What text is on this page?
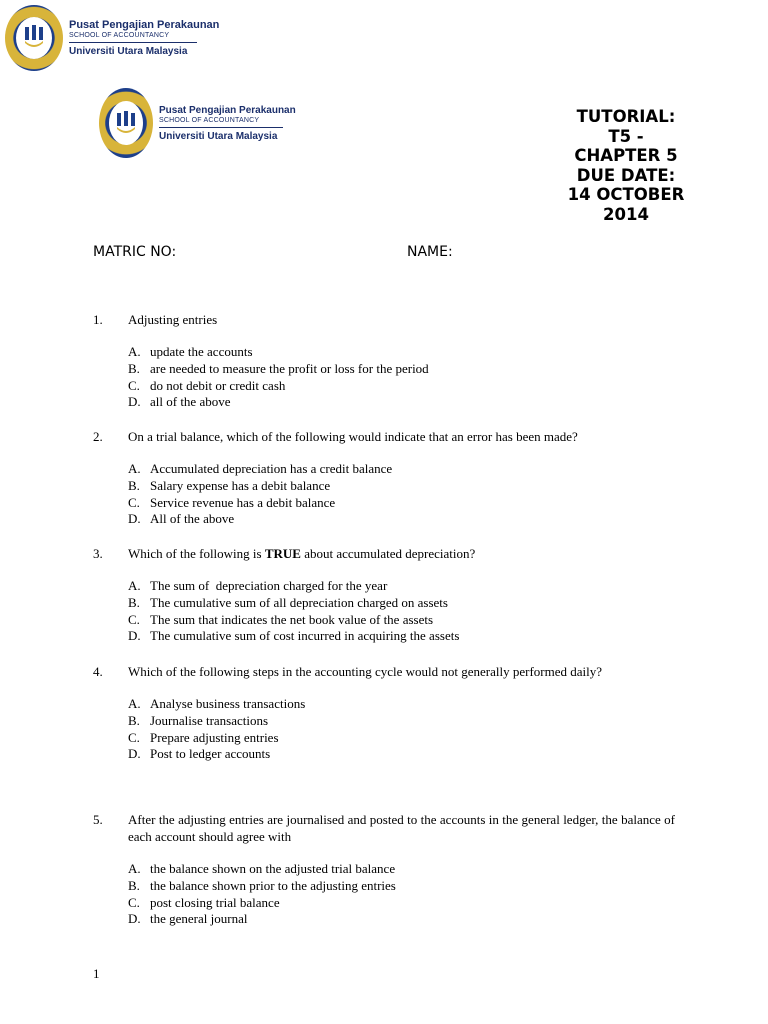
Pusat Pengajian Perakaunan
SCHOOL OF ACCOUNTANCY
Universiti Utara Malaysia
Pusat Pengajian Perakaunan
SCHOOL OF ACCOUNTANCY
Universiti Utara Malaysia
TUTORIAL:
T5 -
CHAPTER 5
DUE DATE:
14 OCTOBER
2014
MATRIC NO:	NAME:
1.	Adjusting entries
A. update the accounts
B. are needed to measure the profit or loss for the period
C. do not debit or credit cash
D. all of the above
2.	On a trial balance, which of the following would indicate that an error has been made?
A. Accumulated depreciation has a credit balance
B. Salary expense has a debit balance
C. Service revenue has a debit balance
D. All of the above
3.	Which of the following is TRUE about accumulated depreciation?
A. The sum of  depreciation charged for the year
B. The cumulative sum of all depreciation charged on assets
C. The sum that indicates the net book value of the assets
D. The cumulative sum of cost incurred in acquiring the assets
4.	Which of the following steps in the accounting cycle would not generally performed daily?
A. Analyse business transactions
B. Journalise transactions
C. Prepare adjusting entries
D. Post to ledger accounts
5.	After the adjusting entries are journalised and posted to the accounts in the general ledger, the balance of each account should agree with
A. the balance shown on the adjusted trial balance
B. the balance shown prior to the adjusting entries
C. post closing trial balance
D. the general journal
1
